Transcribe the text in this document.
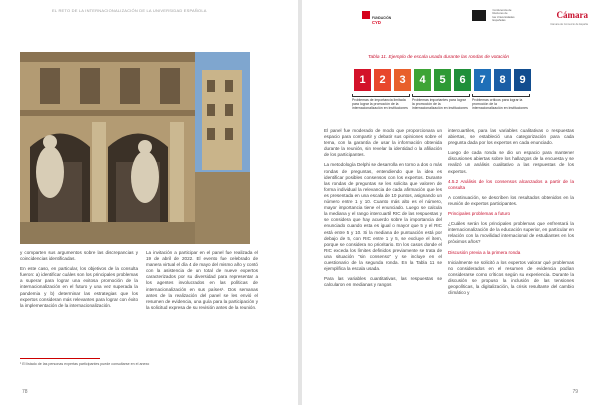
EL RETO DE LA INTERNACIONALIZACIÓN DE LA UNIVERSIDAD ESPAÑOLA

y comparten sus argumentos sobre las discrepancias y coincidencias identificadas.

En este caso, en particular, los objetivos de la consulta fueron: a) identificar cuáles son los principales problemas a superar para lograr una exitosa promoción de la internacionalización en el futuro y una vez superada la pandemia y b) determinar las estrategias que los expertos consideran más relevantes para lograr con éxito la implementación de la internacionalización.

La invitación a participar en el panel fue realizada el 19 de abril de 2022. El evento fue celebrado de manera virtual el día 4 de mayo del mismo año y contó con la asistencia de un total de nueve expertos caracterizados por su diversidad para representar a los agentes involucrados en las políticas de internacionalización en sus países¹. Dos semanas antes de la realización del panel se les envió el resumen de evidencia, una guía para la participación y la solicitud expresa de su revisión antes de la reunión.

¹ El listado de las personas expertas participantes puede consultarse en el anexo
78
FUNDACIÓN
CYD
Conferencia de
Rectores de
las Universidades
Españolas
Cámara
Cámara de Comercio de España
Tabla 11. Ejemplo de escala usada durante las rondas de votación
1	2	3	4	5	6	7	8	9
Problemas de importancia limitada para lograr la promoción de la internacionalización en instituciones
Problemas importantes para lograr la promoción de la internacionalización en instituciones
Problemas críticos para lograr la promoción de la internacionalización en instituciones

El panel fue moderado de modo que proporcionara un espacio para compartir y debatir sus opiniones sobre el tema, con la garantía de usar la información obtenida durante la reunión, sin revelar la identidad o la afiliación de los participantes.

La metodología Delphi se desarrolla en torno a dos o más rondas de preguntas, entendiendo que la idea es identificar posibles consensos con los expertos. Durante las rondas de preguntas se les solicita que valoren de forma individual la relevancia de cada afirmación que les es presentada en una escala de 10 puntos, asignando un número entre 1 y 10. Cuanto más alto es el número, mayor importancia tiene el enunciado. Luego se calcula la mediana y el rango intercuartil RIC de las respuestas y se considera que hay acuerdo sobre la importancia del enunciado cuando esta es igual o mayor que 5 y el RIC está entre 5 y 10. Si la mediana de puntuación está por debajo de 5, con RIC entre 1 y 5, se excluye el ítem, porque se considera no prioritario. En los casos donde el RIC exceda los límites definidos previamente se trata de una situación "sin consenso" y se incluye en el cuestionario de la segunda ronda. En la Tabla 11 se ejemplifica la escala usada.

Para las variables cuantitativas, las respuestas se calcularon en medianas y rangos

intercuartiles, para las variables cualitativas o respuestas abiertas, se estableció una categorización para cada pregunta dada por los expertos en cada enunciado.

Luego de cada ronda se dio un espacio para mantener discusiones abiertas sobre los hallazgos de la encuesta y se realizó un análisis cualitativo a las respuestas de los expertos.

4.5.2 Análisis de los consensos alcanzados a partir de la consulta

A continuación, se describen los resultados obtenidos en la reunión de expertos participantes.

Principales problemas a futuro

¿Cuáles serán los principales problemas que enfrentará la internacionalización de la educación superior, en particular en relación con la movilidad internacional de estudiantes en los próximos años?

Discusión previa a la primera ronda

Inicialmente se solicitó a los expertos valorar qué problemas no considerados en el resumen de evidencia podían considerarse como críticos según su experiencia. Durante la discusión se propuso la inclusión de las tensiones geopolíticas, la digitalización, la crisis resultante del cambio climático y

79
